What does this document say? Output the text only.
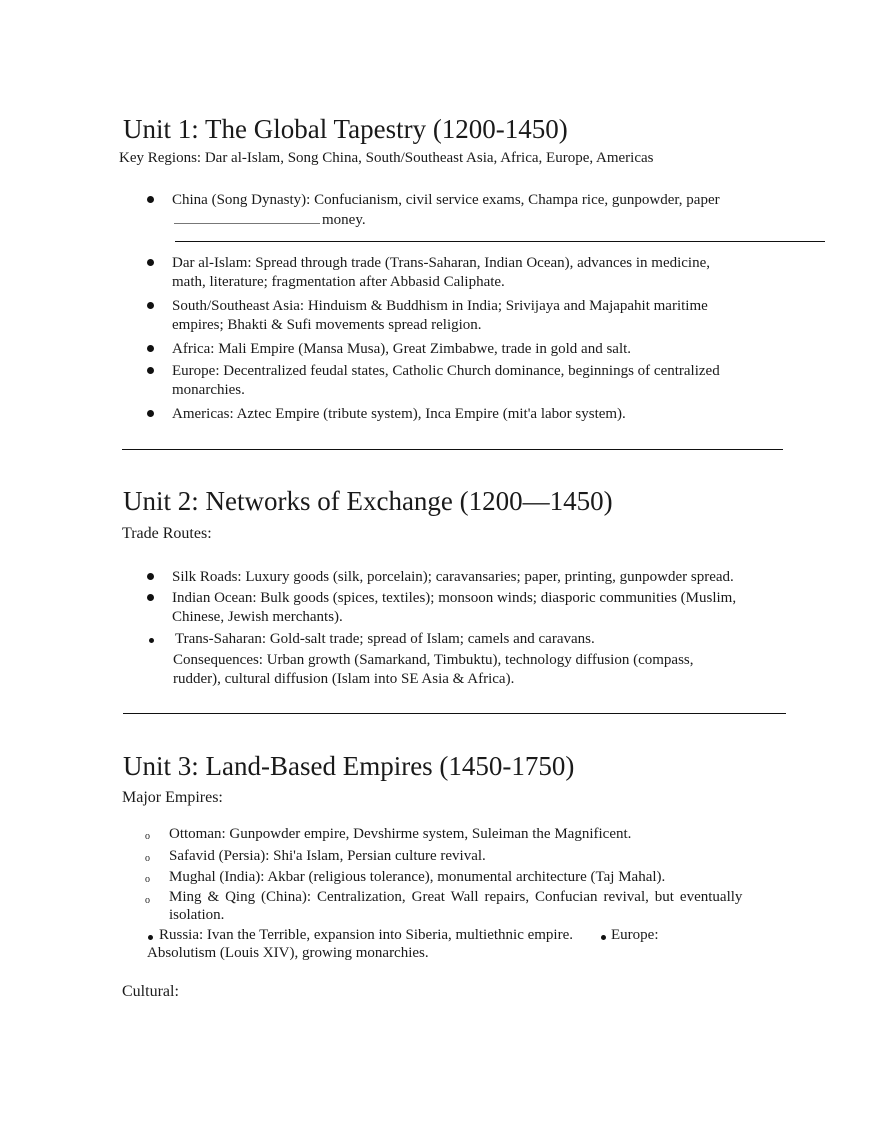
Unit 1: The Global Tapestry (1200-1450)
Key Regions: Dar al-Islam, Song China, South/Southeast Asia, Africa, Europe, Americas
China (Song Dynasty): Confucianism, civil service exams, Champa rice, gunpowder, paper
money.
Dar al-Islam: Spread through trade (Trans-Saharan, Indian Ocean), advances in medicine,
math, literature; fragmentation after Abbasid Caliphate.
South/Southeast Asia: Hinduism & Buddhism in India; Srivijaya and Majapahit maritime
empires; Bhakti & Sufi movements spread religion.
Africa: Mali Empire (Mansa Musa), Great Zimbabwe, trade in gold and salt.
Europe: Decentralized feudal states, Catholic Church dominance, beginnings of centralized
monarchies.
Americas: Aztec Empire (tribute system), Inca Empire (mit'a labor system).
Unit 2: Networks of Exchange (1200—1450)
Trade Routes:
Silk Roads: Luxury goods (silk, porcelain); caravansaries; paper, printing, gunpowder spread.
Indian Ocean: Bulk goods (spices, textiles); monsoon winds; diasporic communities (Muslim,
Chinese, Jewish merchants).
Trans-Saharan: Gold-salt trade; spread of Islam; camels and caravans.
Consequences: Urban growth (Samarkand, Timbuktu), technology diffusion (compass,
rudder), cultural diffusion (Islam into SE Asia & Africa).
Unit 3: Land-Based Empires (1450-1750)
Major Empires:
o Ottoman: Gunpowder empire, Devshirme system, Suleiman the Magnificent.
o Safavid (Persia): Shi'a Islam, Persian culture revival.
o Mughal (India): Akbar (religious tolerance), monumental architecture (Taj Mahal).
o Ming & Qing (China): Centralization, Great Wall repairs, Confucian revival, but eventually
isolation.
Russia: Ivan the Terrible, expansion into Siberia, multiethnic empire.	Europe:
Absolutism (Louis XIV), growing monarchies.
Cultural:
